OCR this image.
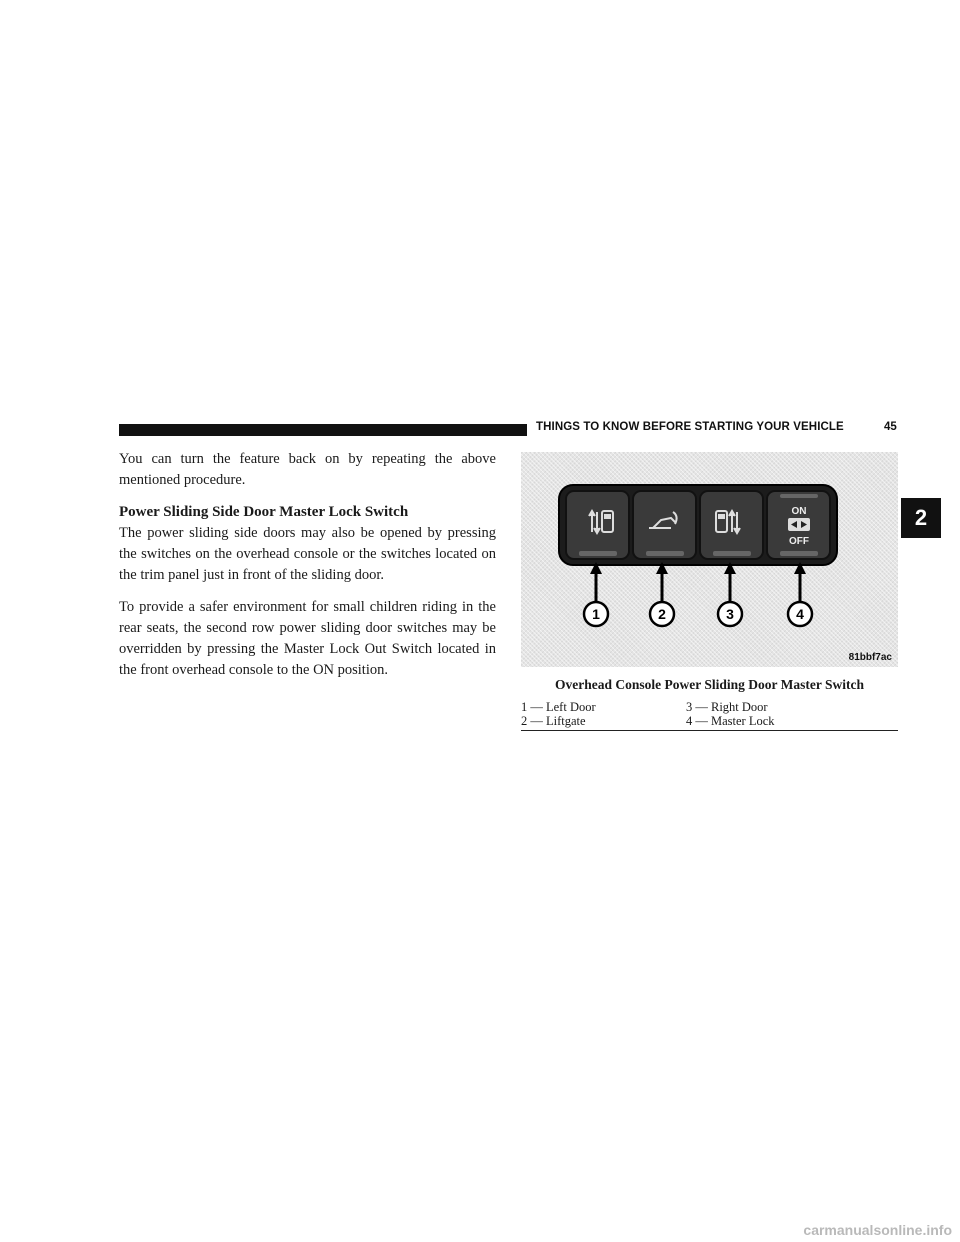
THINGS TO KNOW BEFORE STARTING YOUR VEHICLE	45
2

You can turn the feature back on by repeating the above mentioned procedure.

Power Sliding Side Door Master Lock Switch

The power sliding side doors may also be opened by pressing the switches on the overhead console or the switches located on the trim panel just in front of the sliding door.

To provide a safer environment for small children riding in the rear seats, the second row power sliding door switches may be overridden by pressing the Master Lock Out Switch located in the front overhead console to the ON position.

ON
OFF
1	2	3	4
81bbf7ac
Overhead Console Power Sliding Door Master Switch
1 — Left Door	3 — Right Door
2 — Liftgate	4 — Master Lock
carmanualsonline.info
